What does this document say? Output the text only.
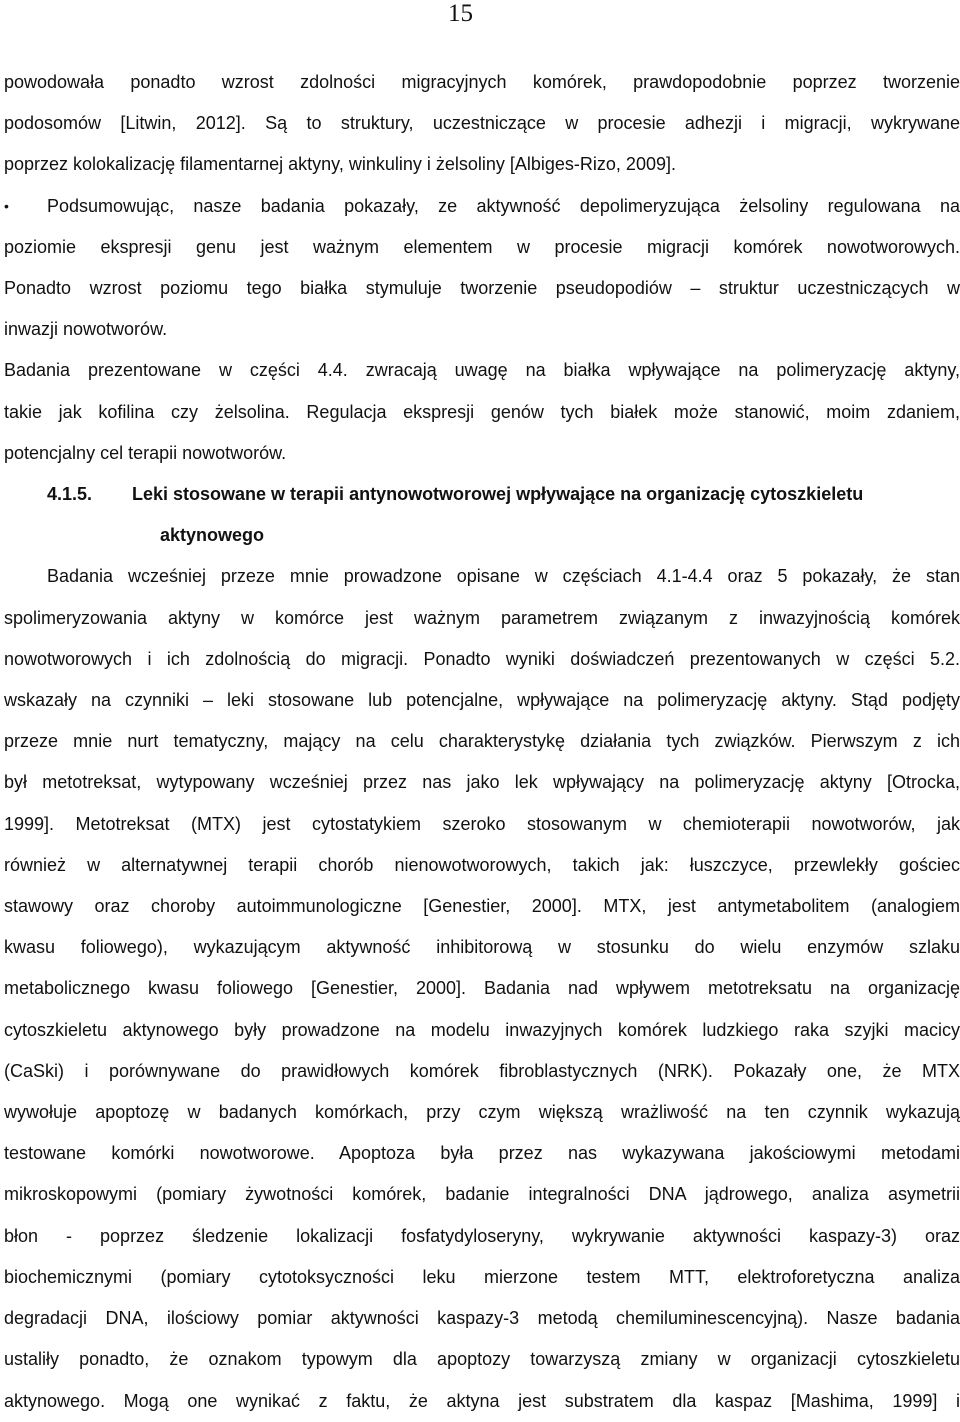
15
powodowała ponadto wzrost zdolności migracyjnych komórek, prawdopodobnie poprzez tworzenie
podosomów [Litwin, 2012]. Są to struktury, uczestniczące w procesie adhezji i migracji, wykrywane
poprzez kolokalizację filamentarnej aktyny, winkuliny i żelsoliny [Albiges-Rizo, 2009].
•	Podsumowując, nasze badania pokazały, ze aktywność depolimeryzująca żelsoliny regulowana na
poziomie ekspresji genu jest ważnym elementem w procesie migracji komórek nowotworowych.
Ponadto wzrost poziomu tego białka stymuluje tworzenie pseudopodiów – struktur uczestniczących w
inwazji nowotworów.
Badania prezentowane w części 4.4. zwracają uwagę na białka wpływające na polimeryzację aktyny,
takie jak kofilina czy żelsolina. Regulacja ekspresji genów tych białek może stanowić, moim zdaniem,
potencjalny cel terapii nowotworów.
4.1.5. Leki stosowane w terapii antynowotworowej wpływające na organizację cytoszkieletu
aktynowego
Badania wcześniej przeze mnie prowadzone opisane w częściach 4.1-4.4 oraz 5 pokazały, że stan
spolimeryzowania aktyny w komórce jest ważnym parametrem związanym z inwazyjnością komórek
nowotworowych i ich zdolnością do migracji. Ponadto wyniki doświadczeń prezentowanych w części 5.2.
wskazały na czynniki – leki stosowane lub potencjalne, wpływające na polimeryzację aktyny. Stąd podjęty
przeze mnie nurt tematyczny, mający na celu charakterystykę działania tych związków. Pierwszym z ich
był metotreksat, wytypowany wcześniej przez nas jako lek wpływający na polimeryzację aktyny [Otrocka,
1999]. Metotreksat (MTX) jest cytostatykiem szeroko stosowanym w chemioterapii nowotworów, jak
również w alternatywnej terapii chorób nienowotworowych, takich jak: łuszczyce, przewlekły gościec
stawowy oraz choroby autoimmunologiczne [Genestier, 2000]. MTX, jest antymetabolitem (analogiem
kwasu foliowego), wykazującym aktywność inhibitorową w stosunku do wielu enzymów szlaku
metabolicznego kwasu foliowego [Genestier, 2000]. Badania nad wpływem metotreksatu na organizację
cytoszkieletu aktynowego były prowadzone na modelu inwazyjnych komórek ludzkiego raka szyjki macicy
(CaSki) i porównywane do prawidłowych komórek fibroblastycznych (NRK). Pokazały one, że MTX
wywołuje apoptozę w badanych komórkach, przy czym większą wrażliwość na ten czynnik wykazują
testowane komórki nowotworowe. Apoptoza była przez nas wykazywana jakościowymi metodami
mikroskopowymi (pomiary żywotności komórek, badanie integralności DNA jądrowego, analiza asymetrii
błon - poprzez śledzenie lokalizacji fosfatydyloseryny, wykrywanie aktywności kaspazy-3) oraz
biochemicznymi (pomiary cytotoksyczności leku mierzone testem MTT, elektroforetyczna analiza
degradacji DNA, ilościowy pomiar aktywności kaspazy-3 metodą chemiluminescencyjną). Nasze badania
ustaliły ponadto, że oznakom typowym dla apoptozy towarzyszą zmiany w organizacji cytoszkieletu
aktynowego. Mogą one wynikać z faktu, że aktyna jest substratem dla kaspaz [Mashima, 1999] i
